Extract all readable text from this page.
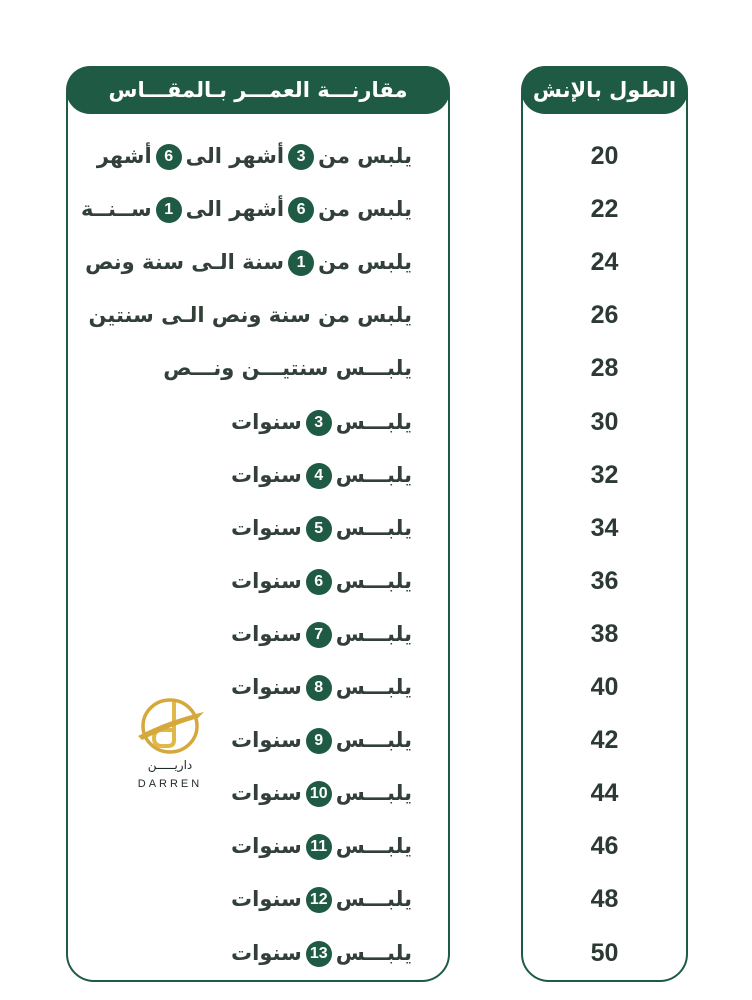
مقارنـــة العمـــر بـالمقـــاس
يلبس من3أشهر الى6أشهر
يلبس من6أشهر الى1ســنــة
يلبس من1سنة الـى سنة ونص
يلبس من سنة ونص الـى سنتين
يلبـــس سنتيـــن ونـــص
يلبـــس3سنوات
يلبـــس4سنوات
يلبـــس5سنوات
يلبـــس6سنوات
يلبـــس7سنوات
يلبـــس8سنوات
يلبـــس9سنوات
يلبـــس10سنوات
يلبـــس11سنوات
يلبـــس12سنوات
يلبـــس13سنوات
الطول بالإنش
20
22
24
26
28
30
32
34
36
38
40
42
44
46
48
50
داريـــــن
DARREN
